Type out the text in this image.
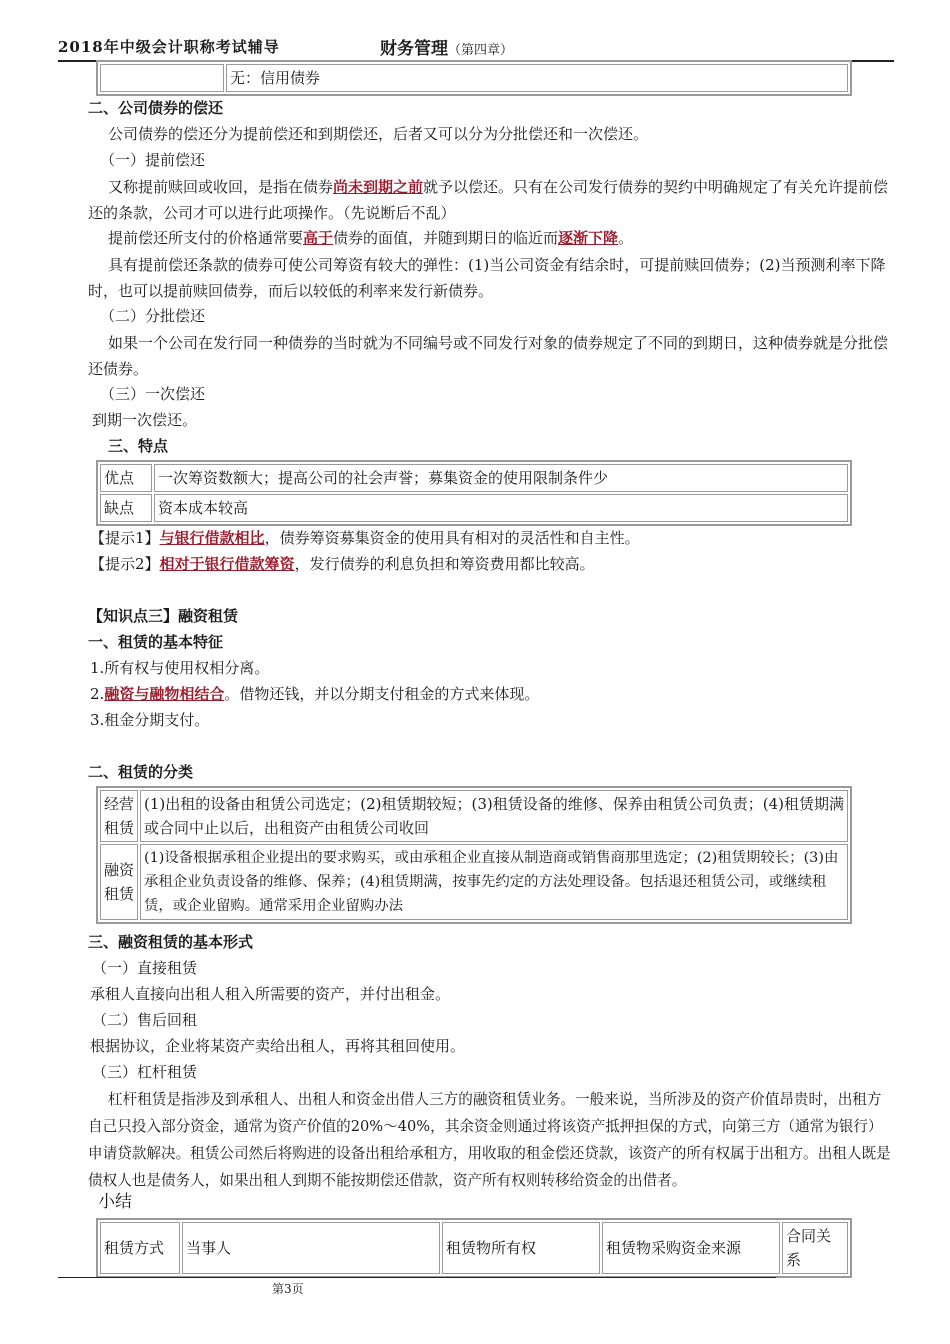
2018年中级会计职称考试辅导	财务管理（第四章）
	无：信用债券
二、公司债券的偿还
公司债券的偿还分为提前偿还和到期偿还，后者又可以分为分批偿还和一次偿还。
（一）提前偿还
又称提前赎回或收回，是指在债券尚未到期之前就予以偿还。只有在公司发行债券的契约中明确规定了有关允许提前偿还的条款，公司才可以进行此项操作。（先说断后不乱）
提前偿还所支付的价格通常要高于债券的面值，并随到期日的临近而逐渐下降。
具有提前偿还条款的债券可使公司筹资有较大的弹性：(1)当公司资金有结余时，可提前赎回债券；(2)当预测利率下降时，也可以提前赎回债券，而后以较低的利率来发行新债券。
（二）分批偿还
如果一个公司在发行同一种债券的当时就为不同编号或不同发行对象的债券规定了不同的到期日，这种债券就是分批偿还债券。
（三）一次偿还
到期一次偿还。
三、特点
优点	一次筹资数额大；提高公司的社会声誉；募集资金的使用限制条件少
缺点	资本成本较高
【提示1】与银行借款相比，债券筹资募集资金的使用具有相对的灵活性和自主性。
【提示2】相对于银行借款筹资，发行债券的利息负担和筹资费用都比较高。
【知识点三】融资租赁
一、租赁的基本特征
1.所有权与使用权相分离。
2.融资与融物相结合。借物还钱，并以分期支付租金的方式来体现。
3.租金分期支付。
二、租赁的分类
经营租赁	(1)出租的设备由租赁公司选定；(2)租赁期较短；(3)租赁设备的维修、保养由租赁公司负责；(4)租赁期满或合同中止以后，出租资产由租赁公司收回
融资租赁	(1)设备根据承租企业提出的要求购买，或由承租企业直接从制造商或销售商那里选定；(2)租赁期较长；(3)由承租企业负责设备的维修、保养；(4)租赁期满，按事先约定的方法处理设备。包括退还租赁公司，或继续租赁，或企业留购。通常采用企业留购办法
三、融资租赁的基本形式
（一）直接租赁
承租人直接向出租人租入所需要的资产，并付出租金。
（二）售后回租
根据协议，企业将某资产卖给出租人，再将其租回使用。
（三）杠杆租赁
杠杆租赁是指涉及到承租人、出租人和资金出借人三方的融资租赁业务。一般来说，当所涉及的资产价值昂贵时，出租方自己只投入部分资金，通常为资产价值的20%～40%，其余资金则通过将该资产抵押担保的方式，向第三方（通常为银行）申请贷款解决。租赁公司然后将购进的设备出租给承租方，用收取的租金偿还贷款，该资产的所有权属于出租方。出租人既是债权人也是债务人，如果出租人到期不能按期偿还借款，资产所有权则转移给资金的出借者。
小结
租赁方式	当事人	租赁物所有权	租赁物采购资金来源	合同关系
第3页
